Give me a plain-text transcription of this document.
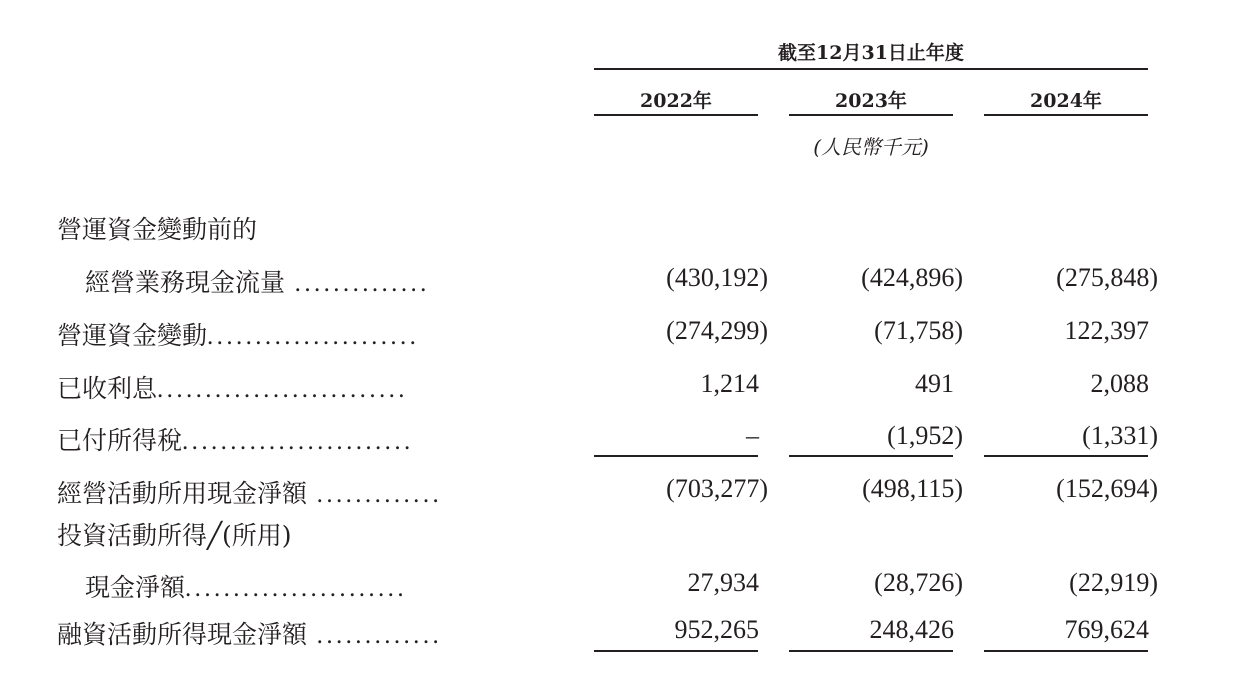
截至12月31日止年度
2022年	2023年	2024年
(人民幣千元)
營運資金變動前的
經營業務現金流量 ..............	(430,192)	(424,896)	(275,848)
營運資金變動......................	(274,299)	(71,758)	122,397
已收利息..........................	1,214	491	2,088
已付所得稅........................	–	(1,952)	(1,331)
經營活動所用現金淨額 .............	(703,277)	(498,115)	(152,694)
投資活動所得╱(所用)
現金淨額.......................	27,934	(28,726)	(22,919)
融資活動所得現金淨額 .............	952,265	248,426	769,624
